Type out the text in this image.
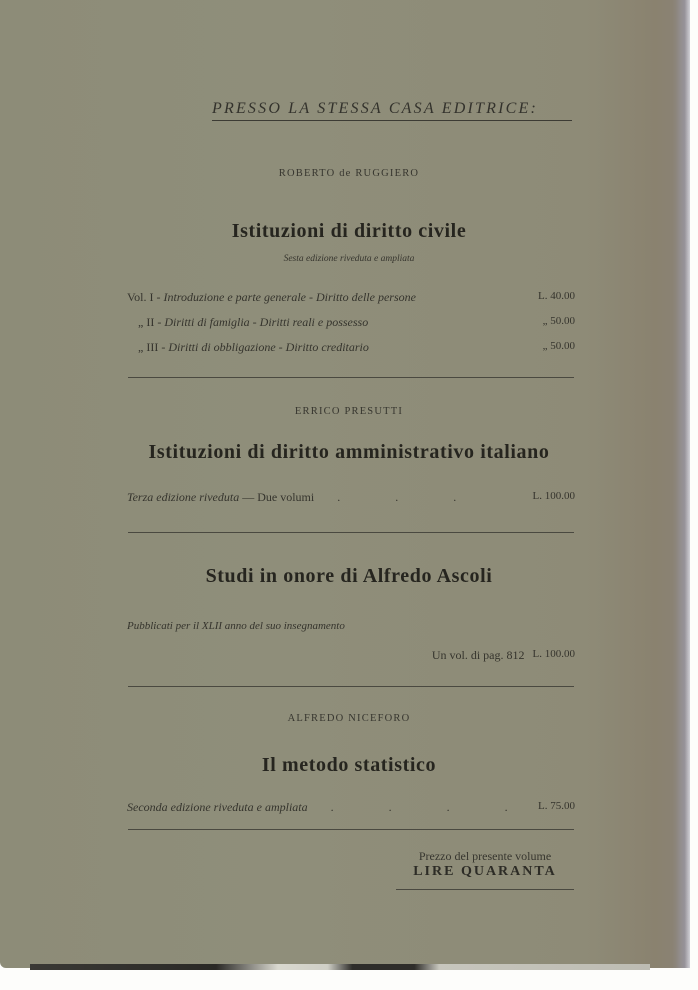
PRESSO LA STESSA CASA EDITRICE:
ROBERTO de RUGGIERO
Istituzioni di diritto civile
Sesta edizione riveduta e ampliata
Vol. I - Introduzione e parte generale - Diritto delle persone	L. 40.00
„ II - Diritti di famiglia - Diritti reali e possesso	„ 50.00
„ III - Diritti di obbligazione - Diritto creditario	„ 50.00
ERRICO PRESUTTI
Istituzioni di diritto amministrativo italiano
Terza edizione riveduta — Due volumi . . .	L. 100.00
Studi in onore di Alfredo Ascoli
Pubblicati per il XLII anno del suo insegnamento
Un vol. di pag. 812 L. 100.00
ALFREDO NICEFORO
Il metodo statistico
Seconda edizione riveduta e ampliata . . . . L. 75.00
Prezzo del presente volume
LIRE QUARANTA
